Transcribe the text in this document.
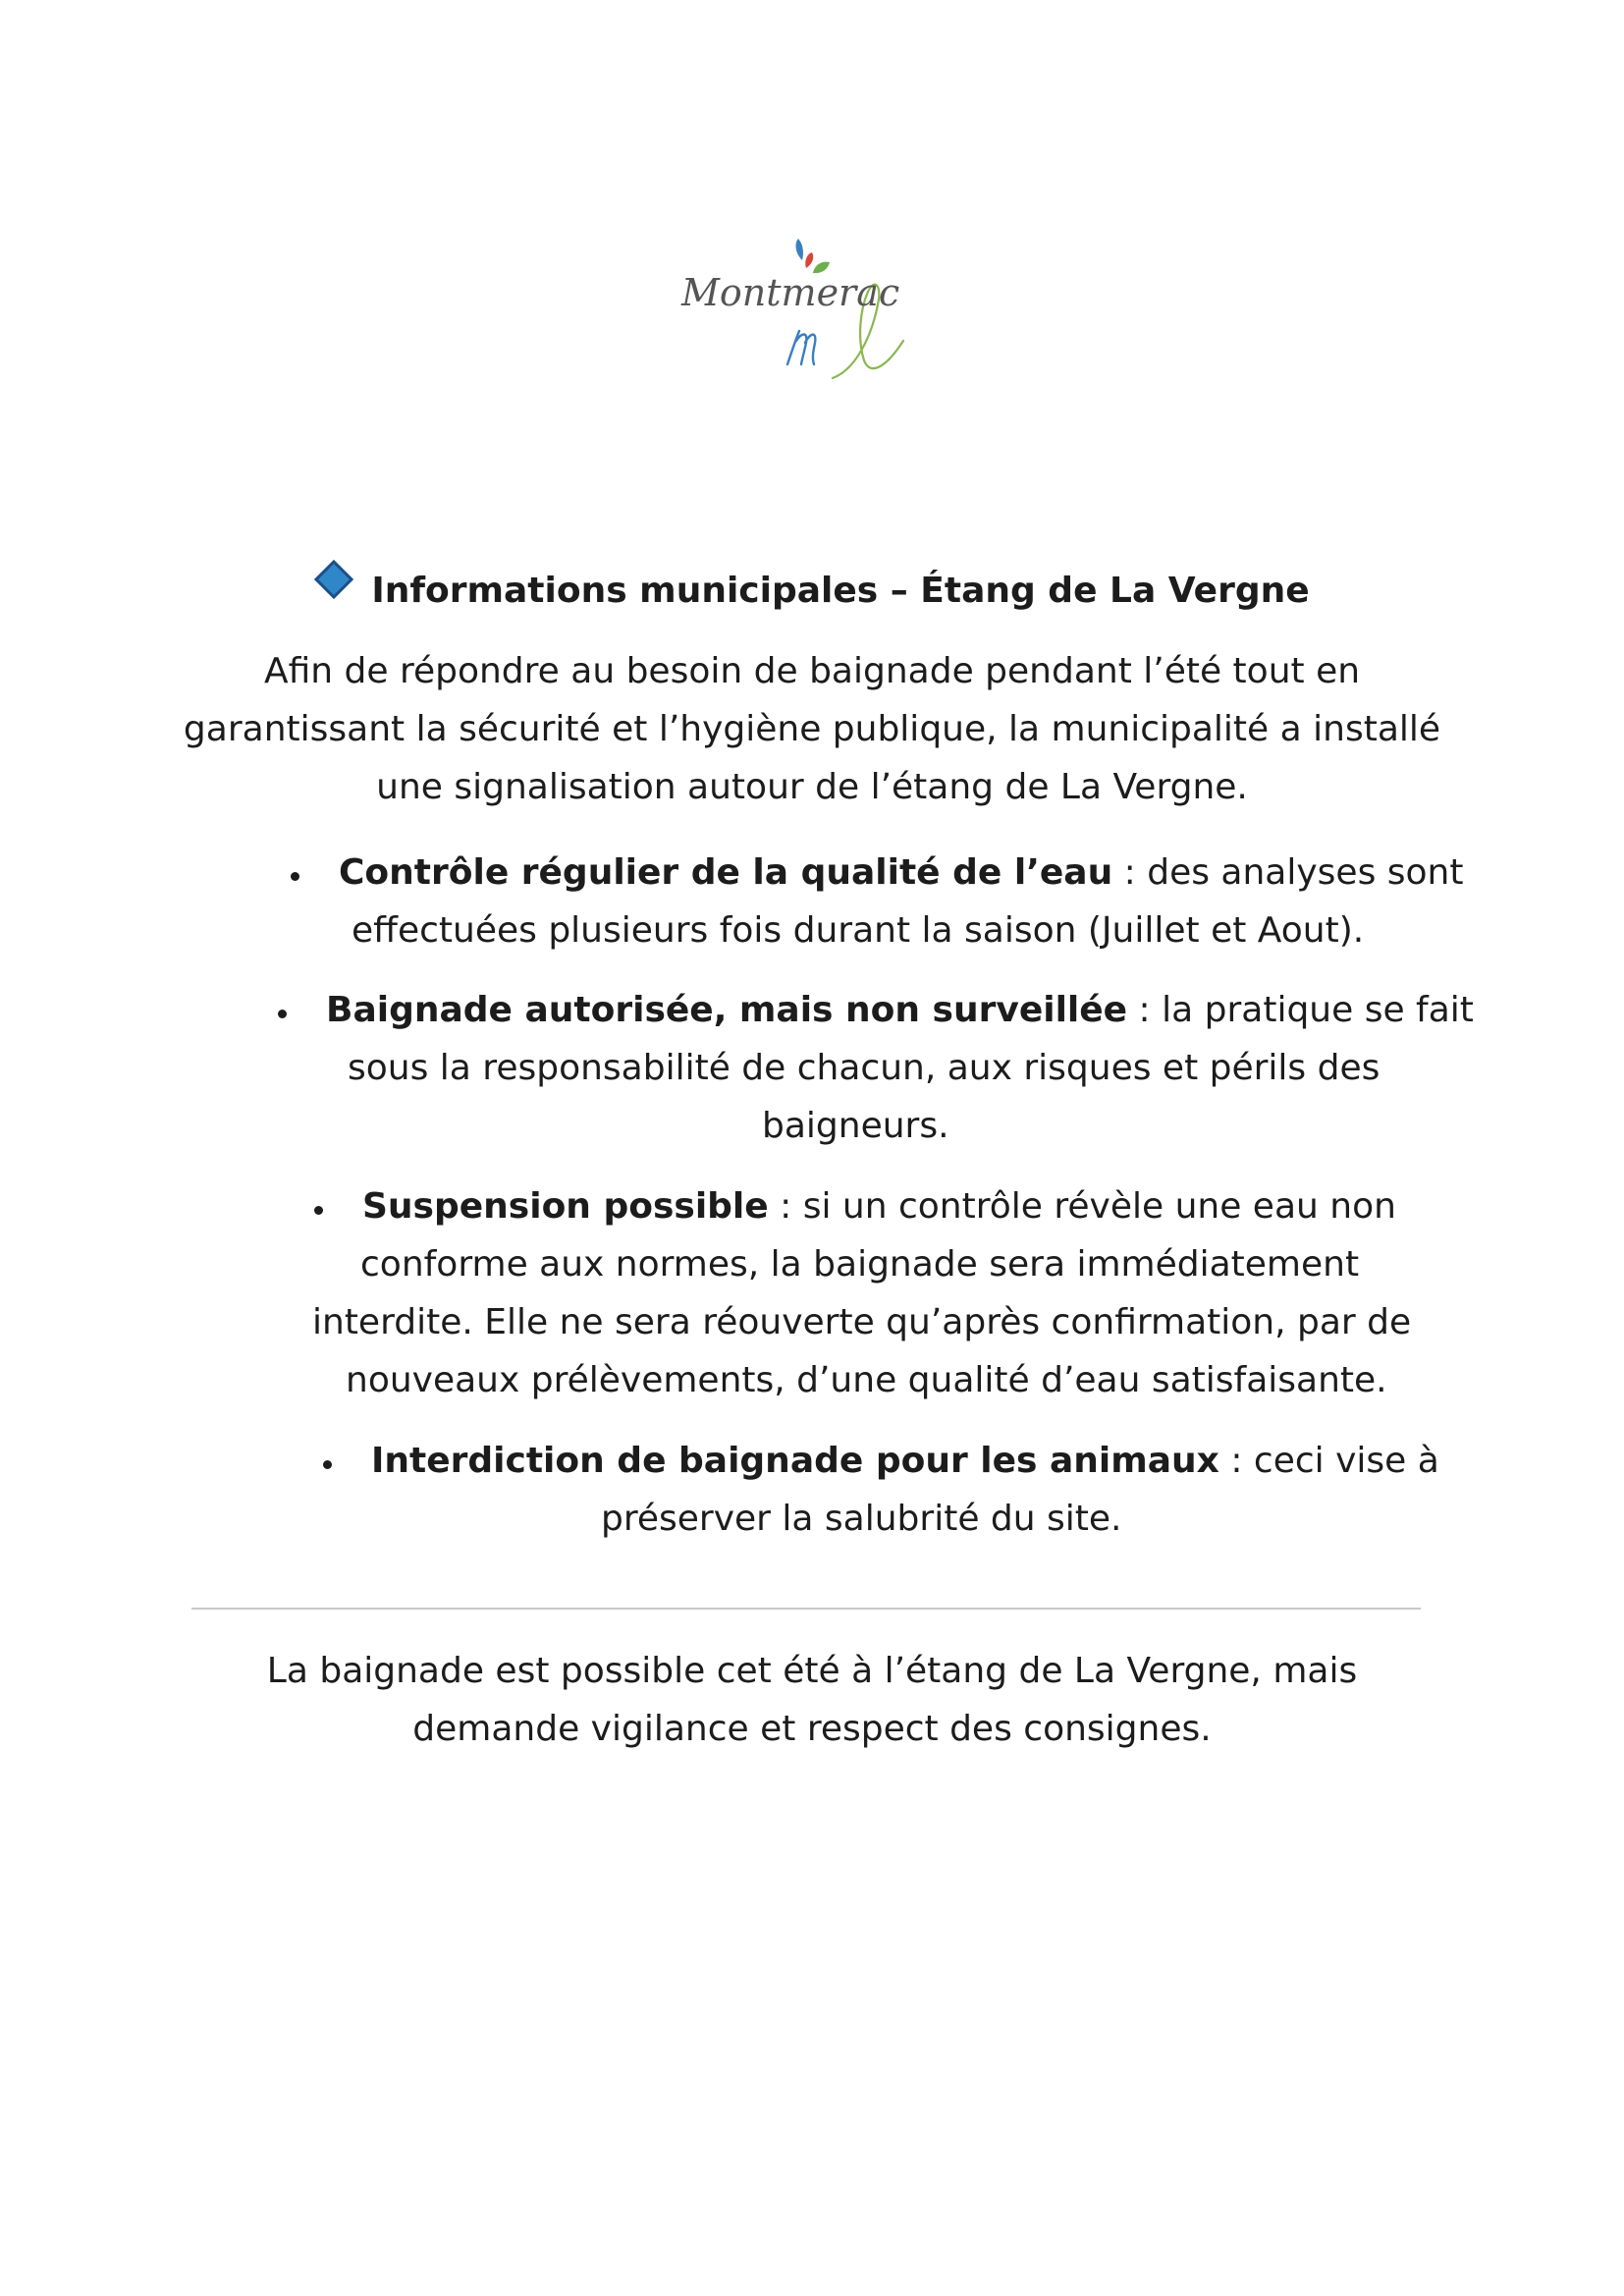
Montmerac
Informations municipales – Étang de La Vergne
Afin de répondre au besoin de baignade pendant l’été tout en
garantissant la sécurité et l’hygiène publique, la municipalité a installé
une signalisation autour de l’étang de La Vergne.
Contrôle régulier de la qualité de l’eau : des analyses sont
effectuées plusieurs fois durant la saison (Juillet et Aout).
Baignade autorisée, mais non surveillée : la pratique se fait
sous la responsabilité de chacun, aux risques et périls des
baigneurs.
Suspension possible : si un contrôle révèle une eau non
conforme aux normes, la baignade sera immédiatement
interdite. Elle ne sera réouverte qu’après confirmation, par de
nouveaux prélèvements, d’une qualité d’eau satisfaisante.
Interdiction de baignade pour les animaux : ceci vise à
préserver la salubrité du site.
La baignade est possible cet été à l’étang de La Vergne, mais
demande vigilance et respect des consignes.
